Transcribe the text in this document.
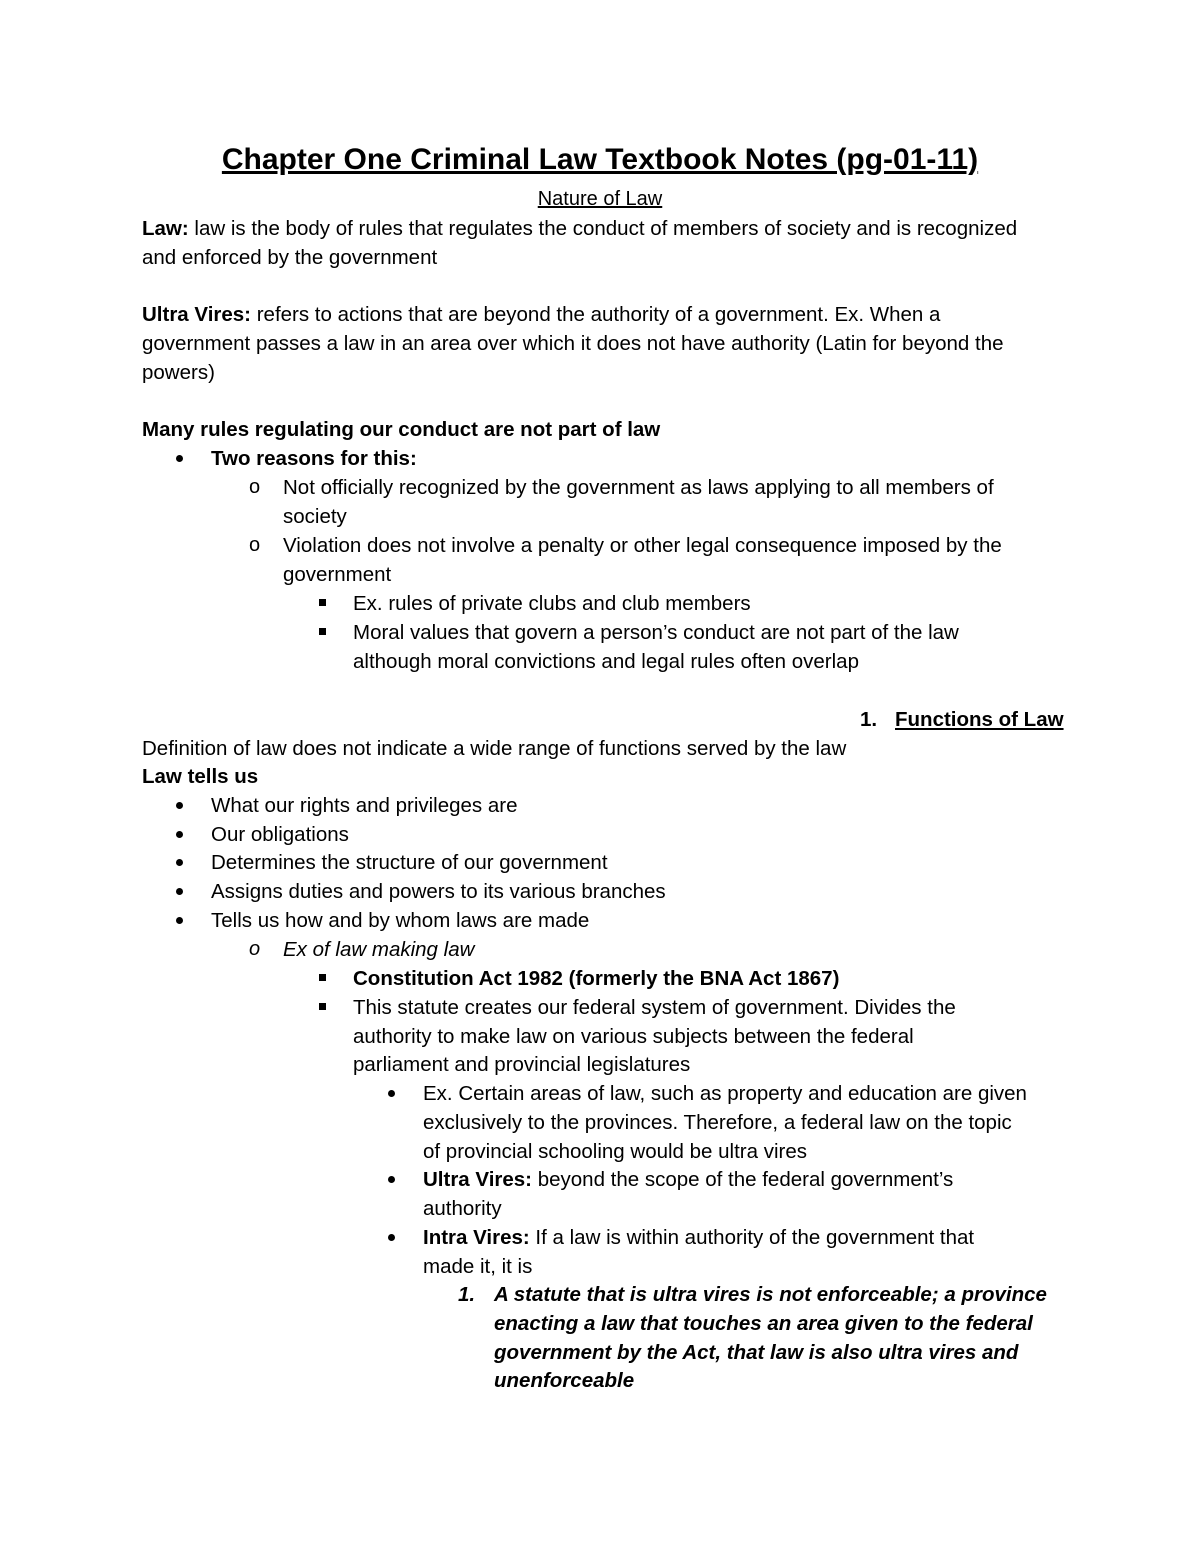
Chapter One Criminal Law Textbook Notes (pg-01-11)
Nature of Law
Law: law is the body of rules that regulates the conduct of members of society and is recognized
and enforced by the government
Ultra Vires: refers to actions that are beyond the authority of a government. Ex. When a
government passes a law in an area over which it does not have authority (Latin for beyond the
powers)
Many rules regulating our conduct are not part of law
Two reasons for this:
o Not officially recognized by the government as laws applying to all members of
society
o Violation does not involve a penalty or other legal consequence imposed by the
government
Ex. rules of private clubs and club members
Moral values that govern a person’s conduct are not part of the law
although moral convictions and legal rules often overlap
1. Functions of Law
Definition of law does not indicate a wide range of functions served by the law
Law tells us
What our rights and privileges are
Our obligations
Determines the structure of our government
Assigns duties and powers to its various branches
Tells us how and by whom laws are made
o Ex of law making law
Constitution Act 1982 (formerly the BNA Act 1867)
This statute creates our federal system of government. Divides the
authority to make law on various subjects between the federal
parliament and provincial legislatures
Ex. Certain areas of law, such as property and education are given
exclusively to the provinces. Therefore, a federal law on the topic
of provincial schooling would be ultra vires
Ultra Vires: beyond the scope of the federal government’s
authority
Intra Vires: If a law is within authority of the government that
made it, it is
1. A statute that is ultra vires is not enforceable; a province
enacting a law that touches an area given to the federal
government by the Act, that law is also ultra vires and
unenforceable
